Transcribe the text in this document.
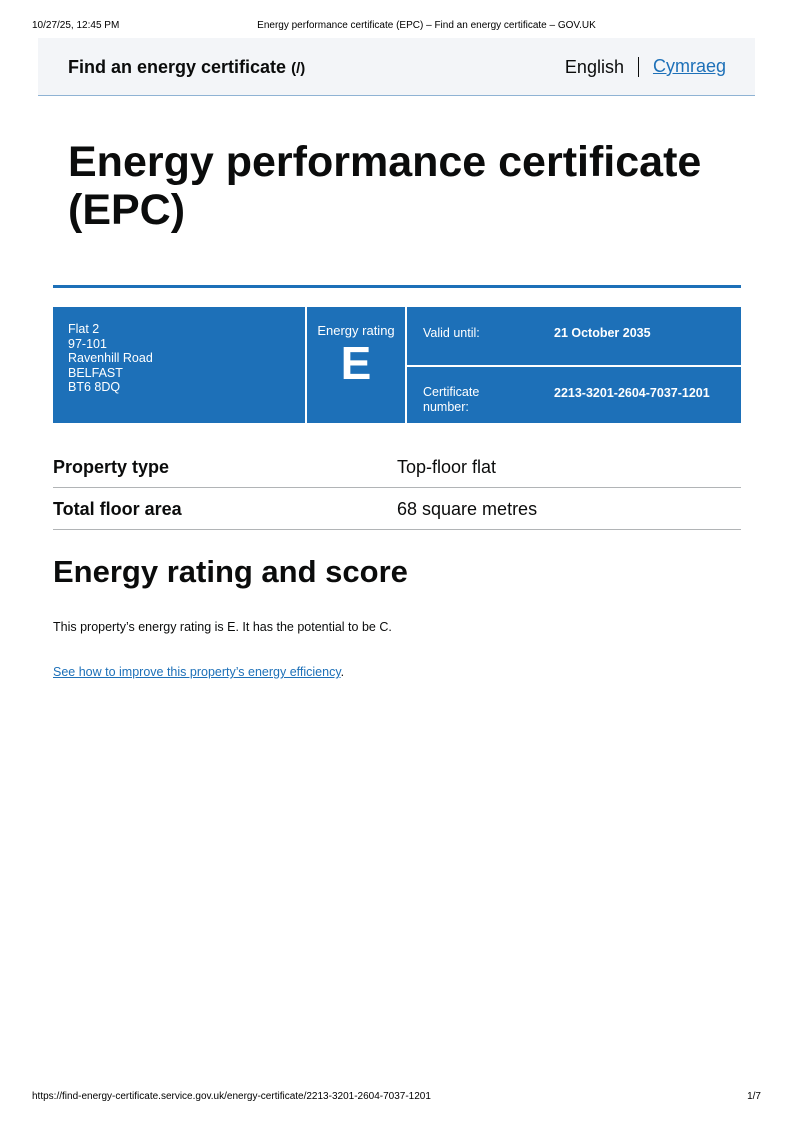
10/27/25, 12:45 PM	Energy performance certificate (EPC) – Find an energy certificate – GOV.UK
Find an energy certificate (/)	English	Cymraeg
Energy performance certificate (EPC)
Flat 2
97-101
Ravenhill Road
BELFAST
BT6 8DQ
Energy rating
E
Valid until:	21 October 2035
Certificate number:
2213-3201-2604-7037-1201
Property type	Top-floor flat
Total floor area	68 square metres
Energy rating and score

This property’s energy rating is E. It has the potential to be C.

See how to improve this property’s energy efficiency.

https://find-energy-certificate.service.gov.uk/energy-certificate/2213-3201-2604-7037-1201	1/7
